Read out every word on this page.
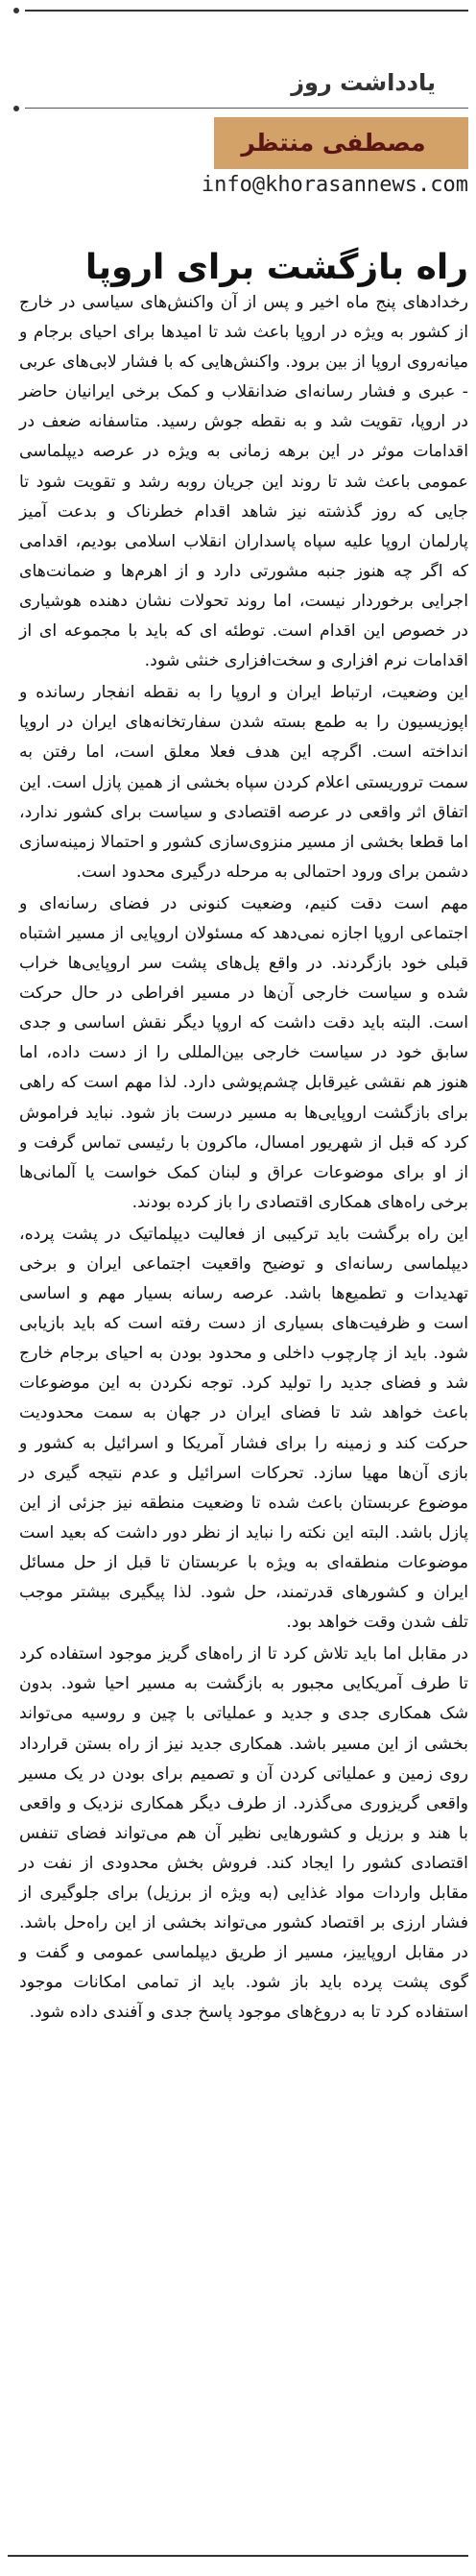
یادداشت روز
مصطفی منتظر
info@khorasannews.com
راه بازگشت برای اروپا

رخدادهای پنج ماه اخیر و پس از آن واکنش‌های سیاسی در خارج از کشور به ویژه در اروپا باعث شد تا امیدها برای احیای برجام و میانه‌روی اروپا از بین برود. واکنش‌هایی که با فشار لابی‌های عربی - عبری و فشار رسانه‌ای ضدانقلاب و کمک برخی ایرانیان حاضر در اروپا، تقویت شد و به نقطه جوش رسید. متاسفانه ضعف در اقدامات موثر در این برهه زمانی به ویژه در عرصه دیپلماسی عمومی باعث شد تا روند این جریان روبه رشد و تقویت شود تا جایی که روز گذشته نیز شاهد اقدام خطرناک و بدعت آمیز پارلمان اروپا علیه سپاه پاسداران انقلاب اسلامی بودیم، اقدامی که اگر چه هنوز جنبه مشورتی دارد و از اهرم‌ها و ضمانت‌های اجرایی برخوردار نیست، اما روند تحولات نشان دهنده هوشیاری در خصوص این اقدام است. توطئه ای که باید با مجموعه ای از اقدامات نرم افزاری و سخت‌افزاری خنثی شود.

این وضعیت، ارتباط ایران و اروپا را به نقطه انفجار رسانده و اپوزیسیون را به طمع بسته شدن سفارتخانه‌های ایران در اروپا انداخته است. اگرچه این هدف فعلا معلق است، اما رفتن به سمت تروریستی اعلام کردن سپاه بخشی از همین پازل است. این اتفاق اثر واقعی در عرصه اقتصادی و سیاست برای کشور ندارد، اما قطعا بخشی از مسیر منزوی‌سازی کشور و احتمالا زمینه‌سازی دشمن برای ورود احتمالی به مرحله درگیری محدود است.

مهم است دقت کنیم، وضعیت کنونی در فضای رسانه‌ای و اجتماعی اروپا اجازه نمی‌دهد که مسئولان اروپایی از مسیر اشتباه قبلی خود بازگردند. در واقع پل‌های پشت سر اروپایی‌ها خراب شده و سیاست خارجی آن‌ها در مسیر افراطی در حال حرکت است. البته باید دقت داشت که اروپا دیگر نقش اساسی و جدی سابق خود در سیاست خارجی بین‌المللی را از دست داده، اما هنوز هم نقشی غیرقابل چشم‌پوشی دارد. لذا مهم است که راهی برای بازگشت اروپایی‌ها به مسیر درست باز شود. نباید فراموش کرد که قبل از شهریور امسال، ماکرون با رئیسی تماس گرفت و از او برای موضوعات عراق و لبنان کمک خواست یا آلمانی‌ها برخی راه‌های همکاری اقتصادی را باز کرده بودند.

این راه برگشت باید ترکیبی از فعالیت دیپلماتیک در پشت پرده، دیپلماسی رسانه‌ای و توضیح واقعیت اجتماعی ایران و برخی تهدیدات و تطمیع‌ها باشد. عرصه رسانه بسیار مهم و اساسی است و ظرفیت‌های بسیاری از دست رفته است که باید بازیابی شود. باید از چارچوب داخلی و محدود بودن به احیای برجام خارج شد و فضای جدید را تولید کرد. توجه نکردن به این موضوعات باعث خواهد شد تا فضای ایران در جهان به سمت محدودیت حرکت کند و زمینه را برای فشار آمریکا و اسرائیل به کشور و بازی آن‌ها مهیا سازد. تحرکات اسرائیل و عدم نتیجه گیری در موضوع عربستان باعث شده تا وضعیت منطقه نیز جزئی از این پازل باشد. البته این نکته را نباید از نظر دور داشت که بعید است موضوعات منطقه‌ای به ویژه با عربستان تا قبل از حل مسائل ایران و کشورهای قدرتمند، حل شود. لذا پیگیری بیشتر موجب تلف شدن وقت خواهد بود.

در مقابل اما باید تلاش کرد تا از راه‌های گریز موجود استفاده کرد تا طرف آمریکایی مجبور به بازگشت به مسیر احیا شود. بدون شک همکاری جدی و جدید و عملیاتی با چین و روسیه می‌تواند بخشی از این مسیر باشد. همکاری جدید نیز از راه بستن قرارداد روی زمین و عملیاتی کردن آن و تصمیم برای بودن در یک مسیر واقعی گریزوری می‌گذرد. از طرف دیگر همکاری نزدیک و واقعی با هند و برزیل و کشورهایی نظیر آن هم می‌تواند فضای تنفس اقتصادی کشور را ایجاد کند. فروش بخش محدودی از نفت در مقابل واردات مواد غذایی (به ویژه از برزیل) برای جلوگیری از فشار ارزی بر اقتصاد کشور می‌تواند بخشی از این راه‌حل باشد. در مقابل اروپاییز، مسیر از طریق دیپلماسی عمومی و گفت و گوی پشت پرده باید باز شود. باید از تمامی امکانات موجود استفاده کرد تا به دروغ‌های موجود پاسخ جدی و آفندی داده شود.
